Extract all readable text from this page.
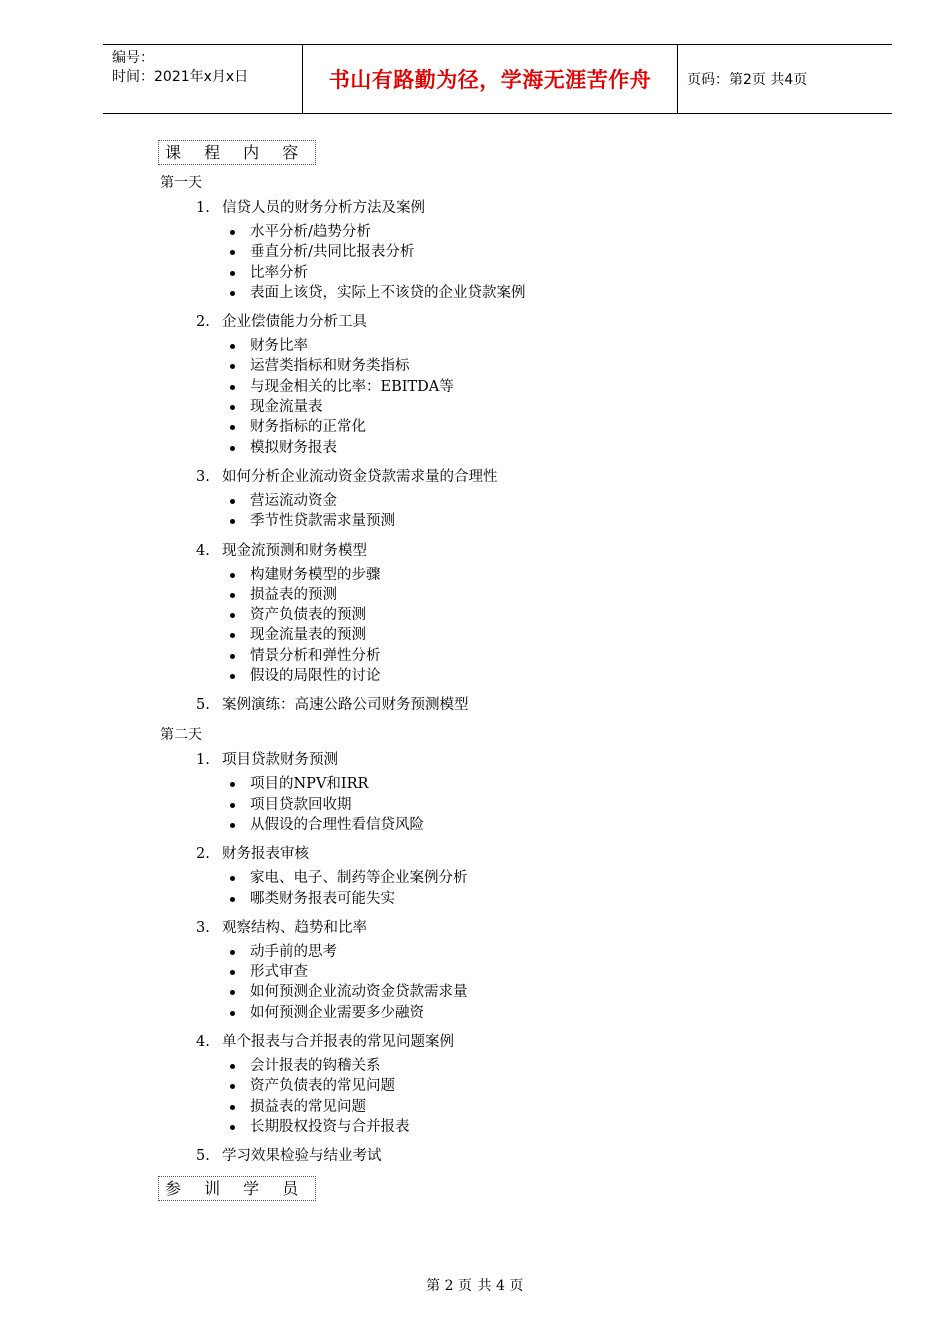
编号：
时间：2021年x月x日	书山有路勤为径，学海无涯苦作舟	页码：第2页 共4页
课 程 内 容
第一天
1. 信贷人员的财务分析方法及案例
水平分析/趋势分析
垂直分析/共同比报表分析
比率分析
表面上该贷，实际上不该贷的企业贷款案例
2. 企业偿债能力分析工具
财务比率
运营类指标和财务类指标
与现金相关的比率：EBITDA等
现金流量表
财务指标的正常化
模拟财务报表
3. 如何分析企业流动资金贷款需求量的合理性
营运流动资金
季节性贷款需求量预测
4. 现金流预测和财务模型
构建财务模型的步骤
损益表的预测
资产负债表的预测
现金流量表的预测
情景分析和弹性分析
假设的局限性的讨论
5. 案例演练：高速公路公司财务预测模型
第二天
1. 项目贷款财务预测
项目的NPV和IRR
项目贷款回收期
从假设的合理性看信贷风险
2. 财务报表审核
家电、电子、制药等企业案例分析
哪类财务报表可能失实
3. 观察结构、趋势和比率
动手前的思考
形式审查
如何预测企业流动资金贷款需求量
如何预测企业需要多少融资
4. 单个报表与合并报表的常见问题案例
会计报表的钩稽关系
资产负债表的常见问题
损益表的常见问题
长期股权投资与合并报表
5. 学习效果检验与结业考试
参 训 学 员
第 2 页 共 4 页
